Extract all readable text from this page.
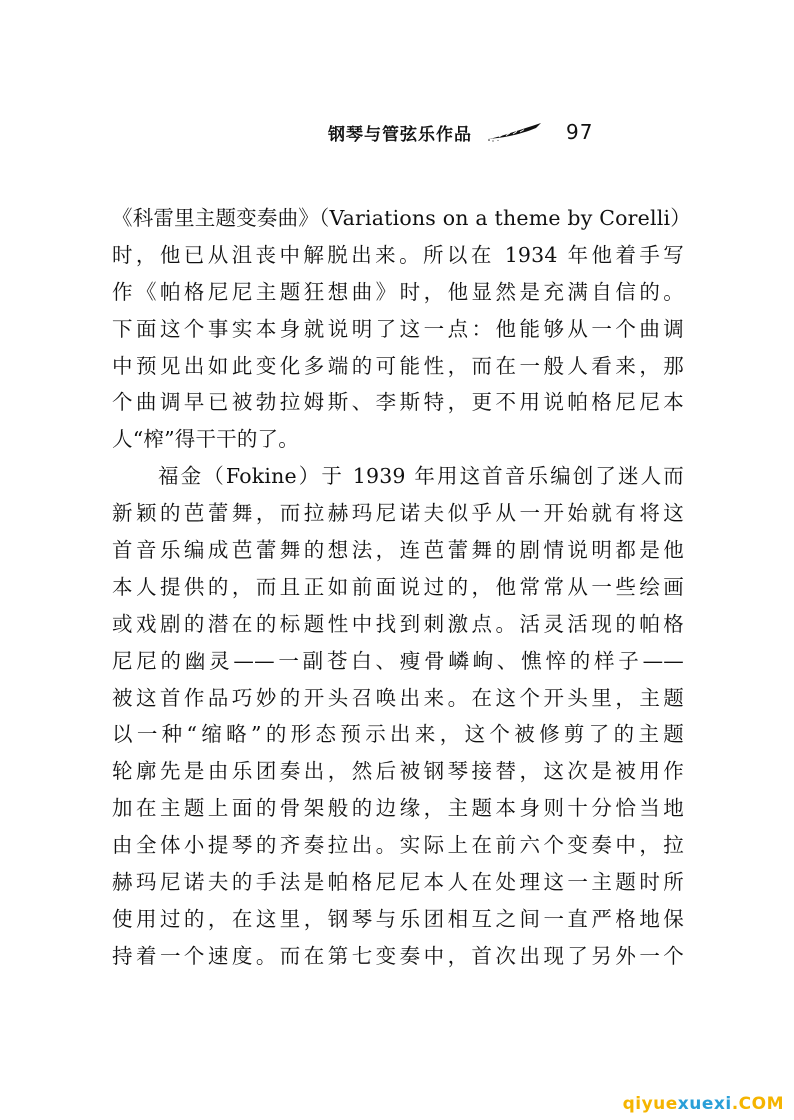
钢琴与管弦乐作品	97
《科雷里主题变奏曲》（Variations on a theme by Corelli）
时，他已从沮丧中解脱出来。所以在 1934 年他着手写
作《帕格尼尼主题狂想曲》时，他显然是充满自信的。
下面这个事实本身就说明了这一点：他能够从一个曲调
中预见出如此变化多端的可能性，而在一般人看来，那
个曲调早已被勃拉姆斯、李斯特，更不用说帕格尼尼本
人“榨”得干干的了。
福金（Fokine）于 1939 年用这首音乐编创了迷人而
新颖的芭蕾舞，而拉赫玛尼诺夫似乎从一开始就有将这
首音乐编成芭蕾舞的想法，连芭蕾舞的剧情说明都是他
本人提供的，而且正如前面说过的，他常常从一些绘画
或戏剧的潜在的标题性中找到刺激点。活灵活现的帕格
尼尼的幽灵——一副苍白、瘦骨嶙峋、憔悴的样子——
被这首作品巧妙的开头召唤出来。在这个开头里，主题
以一种“缩略”的形态预示出来，这个被修剪了的主题
轮廓先是由乐团奏出，然后被钢琴接替，这次是被用作
加在主题上面的骨架般的边缘，主题本身则十分恰当地
由全体小提琴的齐奏拉出。实际上在前六个变奏中，拉
赫玛尼诺夫的手法是帕格尼尼本人在处理这一主题时所
使用过的，在这里，钢琴与乐团相互之间一直严格地保
持着一个速度。而在第七变奏中，首次出现了另外一个
qiyuexuexi.COM
